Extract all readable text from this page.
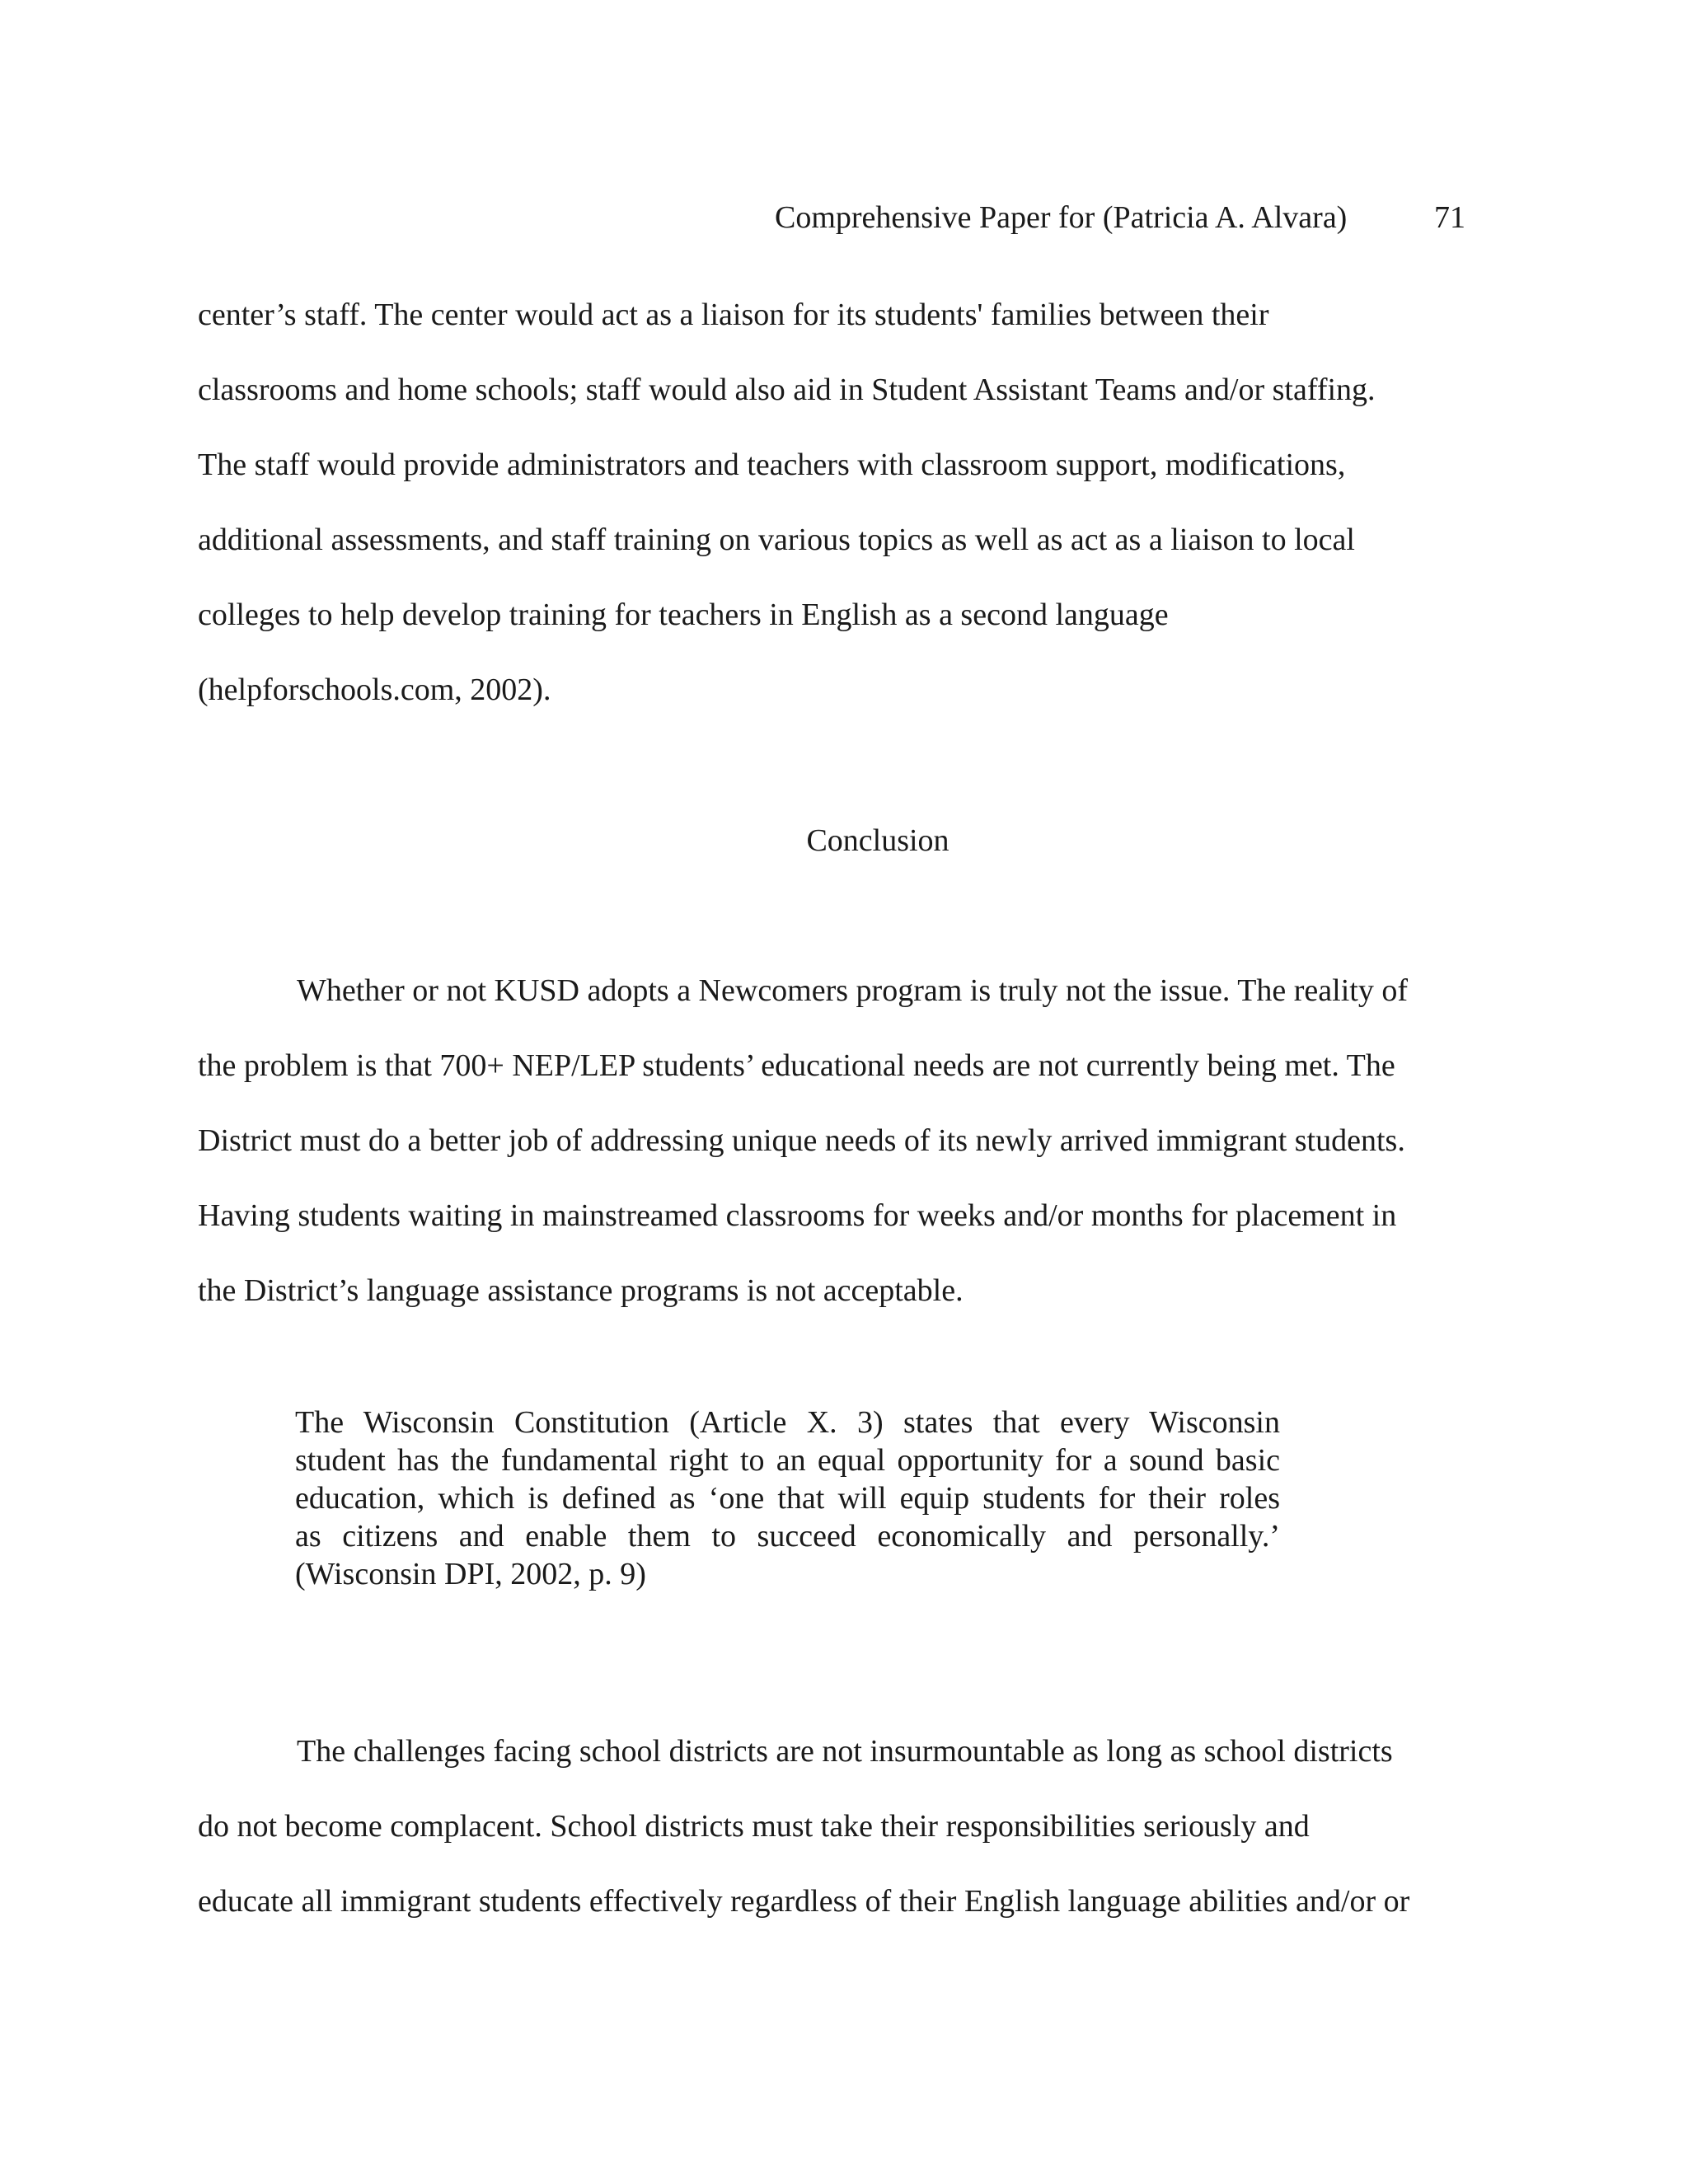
Comprehensive Paper for (Patricia A. Alvara)	71
center’s staff. The center would act as a liaison for its students' families between their
classrooms and home schools; staff would also aid in Student Assistant Teams and/or staffing.
The staff would provide administrators and teachers with classroom support, modifications,
additional assessments, and staff training on various topics as well as act as a liaison to local
colleges to help develop training for teachers in English as a second language
(helpforschools.com, 2002).
Conclusion
Whether or not KUSD adopts a Newcomers program is truly not the issue. The reality of
the problem is that 700+ NEP/LEP students’ educational needs are not currently being met. The
District must do a better job of addressing unique needs of its newly arrived immigrant students.
Having students waiting in mainstreamed classrooms for weeks and/or months for placement in
the District’s language assistance programs is not acceptable.
The Wisconsin Constitution (Article X. 3) states that every Wisconsin
student has the fundamental right to an equal opportunity for a sound basic
education, which is defined as ‘one that will equip students for their roles
as citizens and enable them to succeed economically and personally.’
(Wisconsin DPI, 2002, p. 9)
The challenges facing school districts are not insurmountable as long as school districts
do not become complacent. School districts must take their responsibilities seriously and
educate all immigrant students effectively regardless of their English language abilities and/or or
